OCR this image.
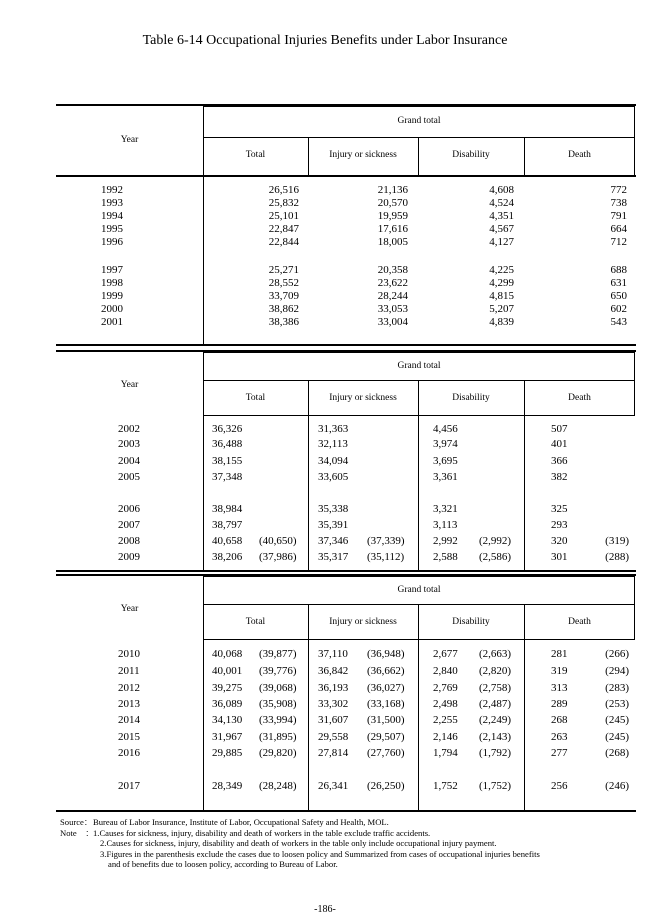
Table 6-14 Occupational Injuries Benefits under Labor Insurance
Year
Grand total
Total	Injury or sickness	Disability	Death
1992	26,516	21,136	4,608	772
1993	25,832	20,570	4,524	738
1994	25,101	19,959	4,351	791
1995	22,847	17,616	4,567	664
1996	22,844	18,005	4,127	712
1997	25,271	20,358	4,225	688
1998	28,552	23,622	4,299	631
1999	33,709	28,244	4,815	650
2000	38,862	33,053	5,207	602
2001	38,386	33,004	4,839	543
Year
Grand total
Total	Injury or sickness	Disability	Death
2002	36,326	31,363	4,456	507
2003	36,488	32,113	3,974	401
2004	38,155	34,094	3,695	366
2005	37,348	33,605	3,361	382
2006	38,984	35,338	3,321	325
2007	38,797	35,391	3,113	293
2008	40,658	(40,650)	37,346	(37,339)	2,992	(2,992)	320	(319)
2009	38,206	(37,986)	35,317	(35,112)	2,588	(2,586)	301	(288)
Year
Grand total
Total	Injury or sickness	Disability	Death
2010	40,068	(39,877)	37,110	(36,948)	2,677	(2,663)	281	(266)
2011	40,001	(39,776)	36,842	(36,662)	2,840	(2,820)	319	(294)
2012	39,275	(39,068)	36,193	(36,027)	2,769	(2,758)	313	(283)
2013	36,089	(35,908)	33,302	(33,168)	2,498	(2,487)	289	(253)
2014	34,130	(33,994)	31,607	(31,500)	2,255	(2,249)	268	(245)
2015	31,967	(31,895)	29,558	(29,507)	2,146	(2,143)	263	(245)
2016	29,885	(29,820)	27,814	(27,760)	1,794	(1,792)	277	(268)
2017	28,349	(28,248)	26,341	(26,250)	1,752	(1,752)	256	(246)
Source： Bureau of Labor Insurance, Institute of Labor, Occupational Safety and Health, MOL.
Note　： 1.Causes for sickness, injury, disability and death of workers in the table exclude traffic accidents.
2.Causes for sickness, injury, disability and death of workers in the table only include occupational injury payment.
3.Figures in the parenthesis exclude the cases due to loosen policy and Summarized from cases of occupational injuries benefits
and of benefits due to loosen policy, according to Bureau of Labor.
-186-
